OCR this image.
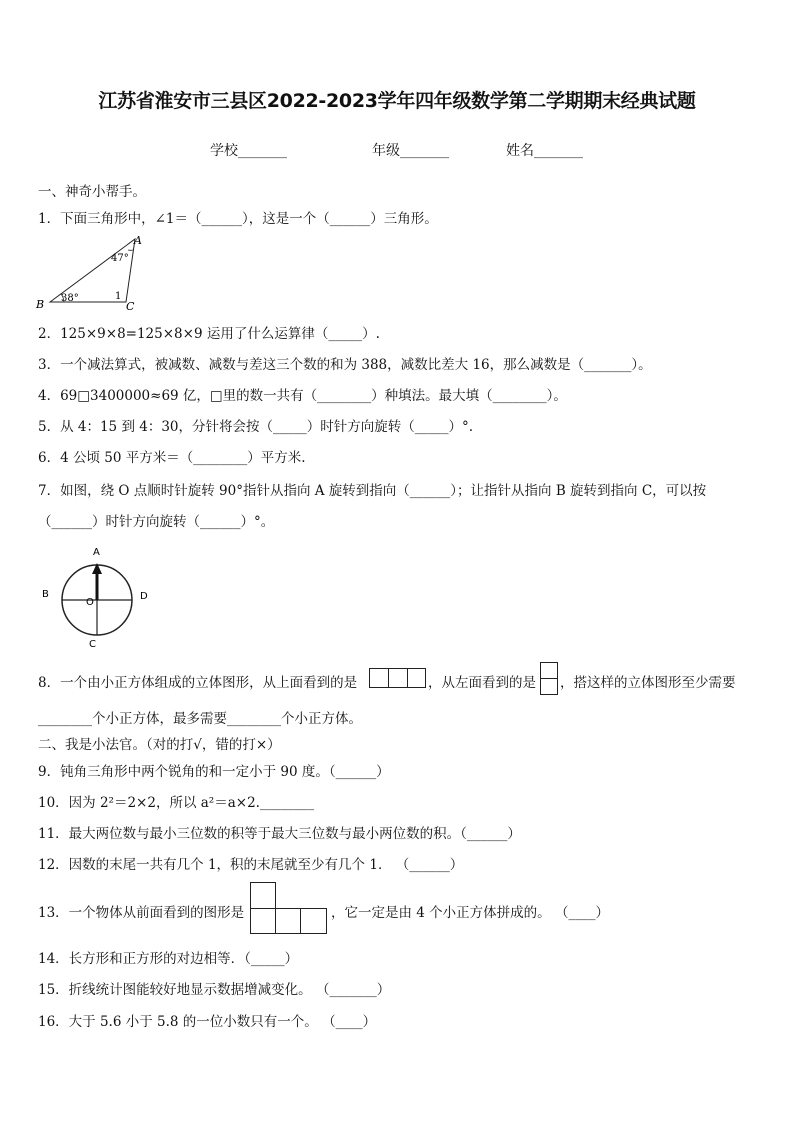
江苏省淮安市三县区2022-2023学年四年级数学第二学期期末经典试题
学校_______	年级_______	姓名_______
一、神奇小帮手。
1．下面三角形中，∠1＝（______），这是一个（______）三角形。
A
B	C
47°
38°	1
2．125×9×8=125×8×9 运用了什么运算律（_____）.
3．一个减法算式，被减数、减数与差这三个数的和为 388，减数比差大 16，那么减数是（_______）。
4．69□3400000≈69 亿，□里的数一共有（________）种填法。最大填（________）。
5．从 4：15 到 4：30，分针将会按（_____）时针方向旋转（_____）°.
6．4 公顷 50 平方米＝（________）平方米.
7．如图，绕 O 点顺时针旋转 90°指针从指向 A 旋转到指向（______）；让指针从指向 B 旋转到指向 C，可以按
（______）时针方向旋转（______）°。
A
B
C
D
O
8．一个由小正方体组成的立体图形，从上面看到的是	，从左面看到的是 ，搭这样的立体图形至少需要
________个小正方体，最多需要________个小正方体。
二、我是小法官。（对的打√，错的打×）
9．钝角三角形中两个锐角的和一定小于 90 度。（______）
10．因为 2²＝2×2，所以 a²＝a×2.________
11．最大两位数与最小三位数的积等于最大三位数与最小两位数的积。（______）
12．因数的末尾一共有几个 1，积的末尾就至少有几个 1． （______）
13．一个物体从前面看到的图形是	，它一定是由 4 个小正方体拼成的。 （____）
14．长方形和正方形的对边相等．（_____）
15．折线统计图能较好地显示数据增减变化。 （_______）
16．大于 5.6 小于 5.8 的一位小数只有一个。 （____）
